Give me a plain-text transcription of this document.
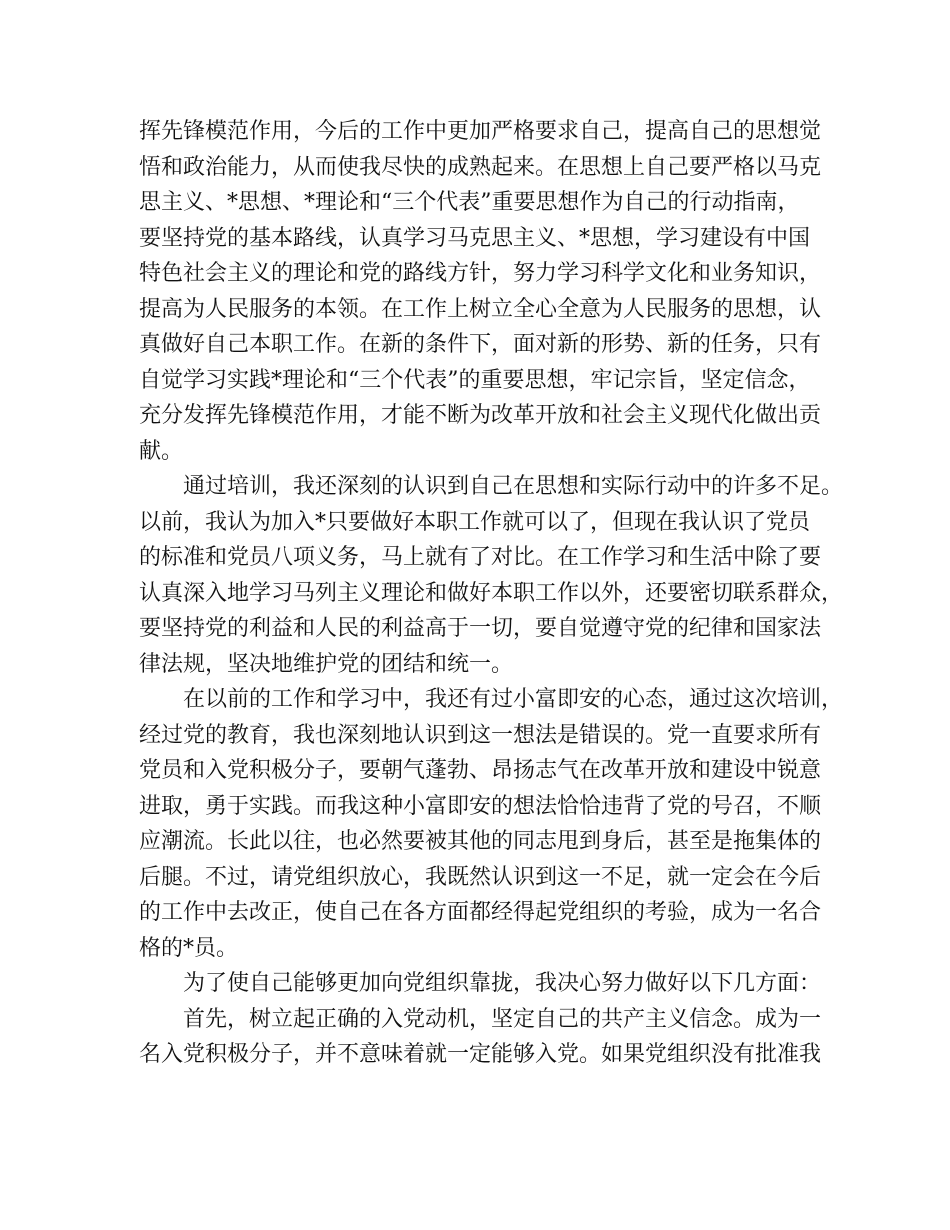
挥先锋模范作用，今后的工作中更加严格要求自己，提高自己的思想觉
悟和政治能力，从而使我尽快的成熟起来。在思想上自己要严格以马克
思主义、*思想、*理论和“三个代表”重要思想作为自己的行动指南，
要坚持党的基本路线，认真学习马克思主义、*思想，学习建设有中国
特色社会主义的理论和党的路线方针，努力学习科学文化和业务知识，
提高为人民服务的本领。在工作上树立全心全意为人民服务的思想，认
真做好自己本职工作。在新的条件下，面对新的形势、新的任务，只有
自觉学习实践*理论和“三个代表”的重要思想，牢记宗旨，坚定信念，
充分发挥先锋模范作用，才能不断为改革开放和社会主义现代化做出贡
献。

　　通过培训，我还深刻的认识到自己在思想和实际行动中的许多不足。
以前，我认为加入*只要做好本职工作就可以了，但现在我认识了党员
的标准和党员八项义务，马上就有了对比。在工作学习和生活中除了要
认真深入地学习马列主义理论和做好本职工作以外，还要密切联系群众，
要坚持党的利益和人民的利益高于一切，要自觉遵守党的纪律和国家法
律法规，坚决地维护党的团结和统一。

　　在以前的工作和学习中，我还有过小富即安的心态，通过这次培训，
经过党的教育，我也深刻地认识到这一想法是错误的。党一直要求所有
党员和入党积极分子，要朝气蓬勃、昂扬志气在改革开放和建设中锐意
进取，勇于实践。而我这种小富即安的想法恰恰违背了党的号召，不顺
应潮流。长此以往，也必然要被其他的同志甩到身后，甚至是拖集体的
后腿。不过，请党组织放心，我既然认识到这一不足，就一定会在今后
的工作中去改正，使自己在各方面都经得起党组织的考验，成为一名合
格的*员。

　　为了使自己能够更加向党组织靠拢，我决心努力做好以下几方面：

　　首先，树立起正确的入党动机，坚定自己的共产主义信念。成为一
名入党积极分子，并不意味着就一定能够入党。如果党组织没有批准我
